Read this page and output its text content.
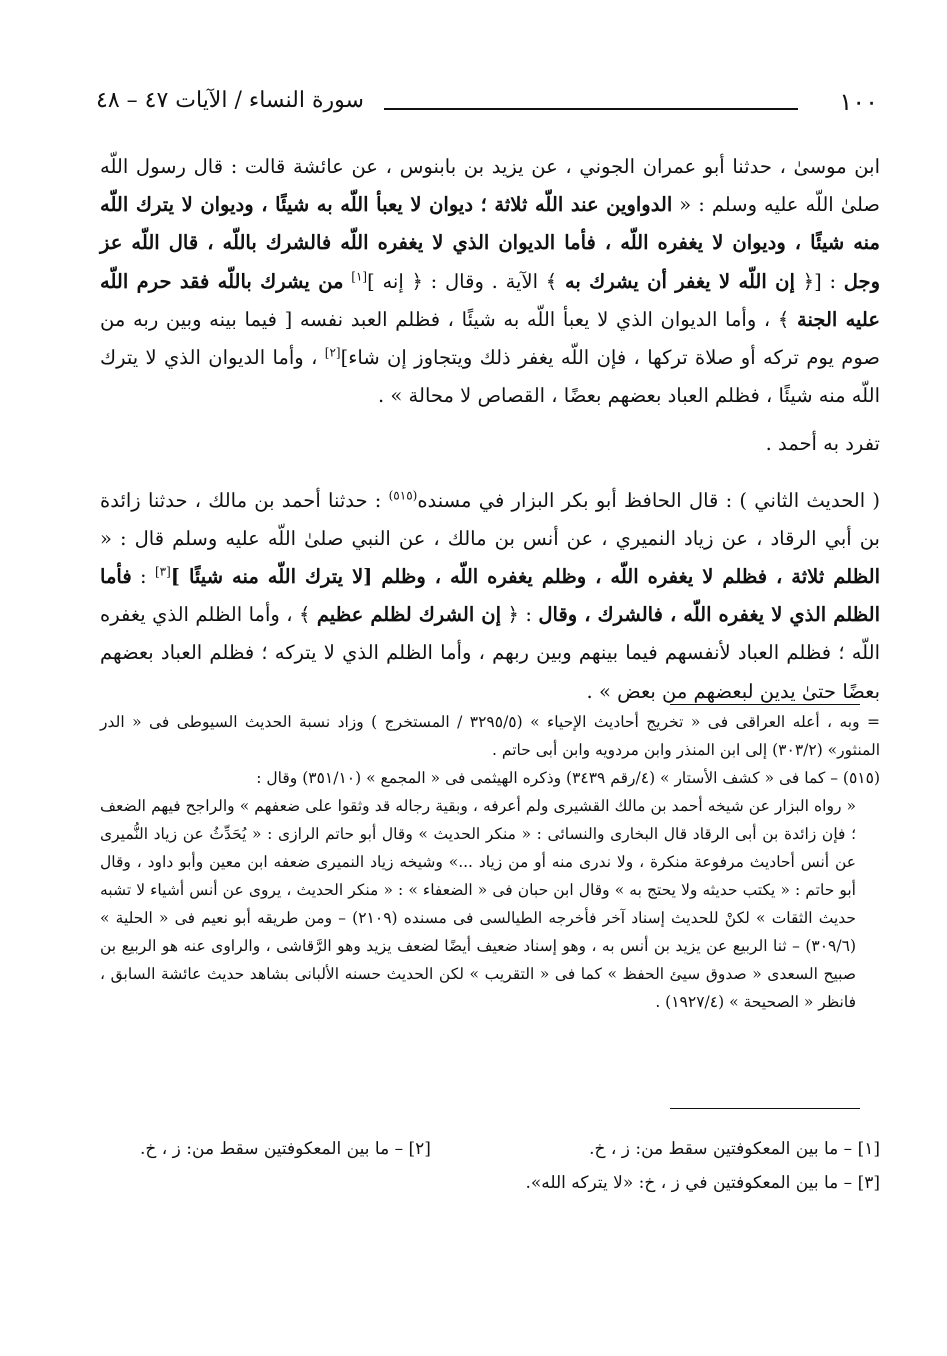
١٠٠
سورة النساء / الآيات ٤٧ – ٤٨

ابن موسىٰ ، حدثنا أبو عمران الجوني ، عن يزيد بن بابنوس ، عن عائشة قالت : قال رسول اللّه صلىٰ اللّه عليه وسلم : « الدواوين عند اللّه ثلاثة ؛ ديوان لا يعبأ اللّه به شيئًا ، وديوان لا يترك اللّه منه شيئًا ، وديوان لا يغفره اللّه ، فأما الديوان الذي لا يغفره اللّه فالشرك باللّه ، قال اللّه عز وجل : [﴿ إن اللّه لا يغفر أن يشرك به ﴾ الآية . وقال : ﴿ إنه ][١] من يشرك باللّه فقد حرم اللّه عليه الجنة ﴾ ، وأما الديوان الذي لا يعبأ اللّه به شيئًا ، فظلم العبد نفسه [ فيما بينه وبين ربه من صوم يوم تركه أو صلاة تركها ، فإن اللّه يغفر ذلك ويتجاوز إن شاء][٢] ، وأما الديوان الذي لا يترك اللّه منه شيئًا ، فظلم العباد بعضهم بعضًا ، القصاص لا محالة » .

تفرد به أحمد .

( الحديث الثاني ) : قال الحافظ أبو بكر البزار في مسنده$^{(٥١٥)}$ : حدثنا أحمد بن مالك ، حدثنا زائدة بن أبي الرقاد ، عن زياد النميري ، عن أنس بن مالك ، عن النبي صلىٰ اللّه عليه وسلم قال : « الظلم ثلاثة ، فظلم لا يغفره اللّه ، وظلم يغفره اللّه ، وظلم [لا يترك اللّه منه شيئًا ][٣] : فأما الظلم الذي لا يغفره اللّه ، فالشرك ، وقال : ﴿ إن الشرك لظلم عظيم ﴾ ، وأما الظلم الذي يغفره اللّه ؛ فظلم العباد لأنفسهم فيما بينهم وبين ربهم ، وأما الظلم الذي لا يتركه ؛ فظلم العباد بعضهم بعضًا حتىٰ يدين لبعضهم من بعض » .

= وبه ، أعله العراقى فى « تخريج أحاديث الإحياء » (٣٢٩٥/٥ / المستخرج ) وزاد نسبة الحديث السيوطى فى « الدر المنثور» (٣٠٣/٢) إلى ابن المنذر وابن مردويه وابن أبى حاتم .

(٥١٥) – كما فى « كشف الأستار » (٤/رقم ٣٤٣٩) وذكره الهيثمى فى « المجمع » (٣٥١/١٠) وقال :

« رواه البزار عن شيخه أحمد بن مالك القشيرى ولم أعرفه ، وبقية رجاله قد وثقوا على ضعفهم » والراجح فيهم الضعف ؛ فإن زائدة بن أبى الرقاد قال البخارى والنسائى : « منكر الحديث » وقال أبو حاتم الرازى : « يُحَدِّثُ عن زياد النُّميرى عن أنس أحاديث مرفوعة منكرة ، ولا ندرى منه أو من زياد ...» وشيخه زياد النميرى ضعفه ابن معين وأبو داود ، وقال أبو حاتم : « يكتب حديثه ولا يحتج به » وقال ابن حبان فى « الضعفاء » : « منكر الحديث ، يروى عن أنس أشياء لا تشبه حديث الثقات » لكنْ للحديث إسناد آخر فأخرجه الطيالسى فى مسنده (٢١٠٩) – ومن طريقه أبو نعيم فى « الحلية » (٣٠٩/٦) – ثنا الربيع عن يزيد بن أنس به ، وهو إسناد ضعيف أيضًا لضعف يزيد وهو الرَّقاشى ، والراوى عنه هو الربيع بن صبيح السعدى « صدوق سيئ الحفظ » كما فى « التقريب » لكن الحديث حسنه الألبانى بشاهد حديث عائشة السابق ، فانظر « الصحيحة » (١٩٢٧/٤) .

[١] – ما بين المعكوفتين سقط من: ز ، خ.
[٢] – ما بين المعكوفتين سقط من: ز ، خ.
[٣] – ما بين المعكوفتين في ز ، خ: «لا يتركه الله».
